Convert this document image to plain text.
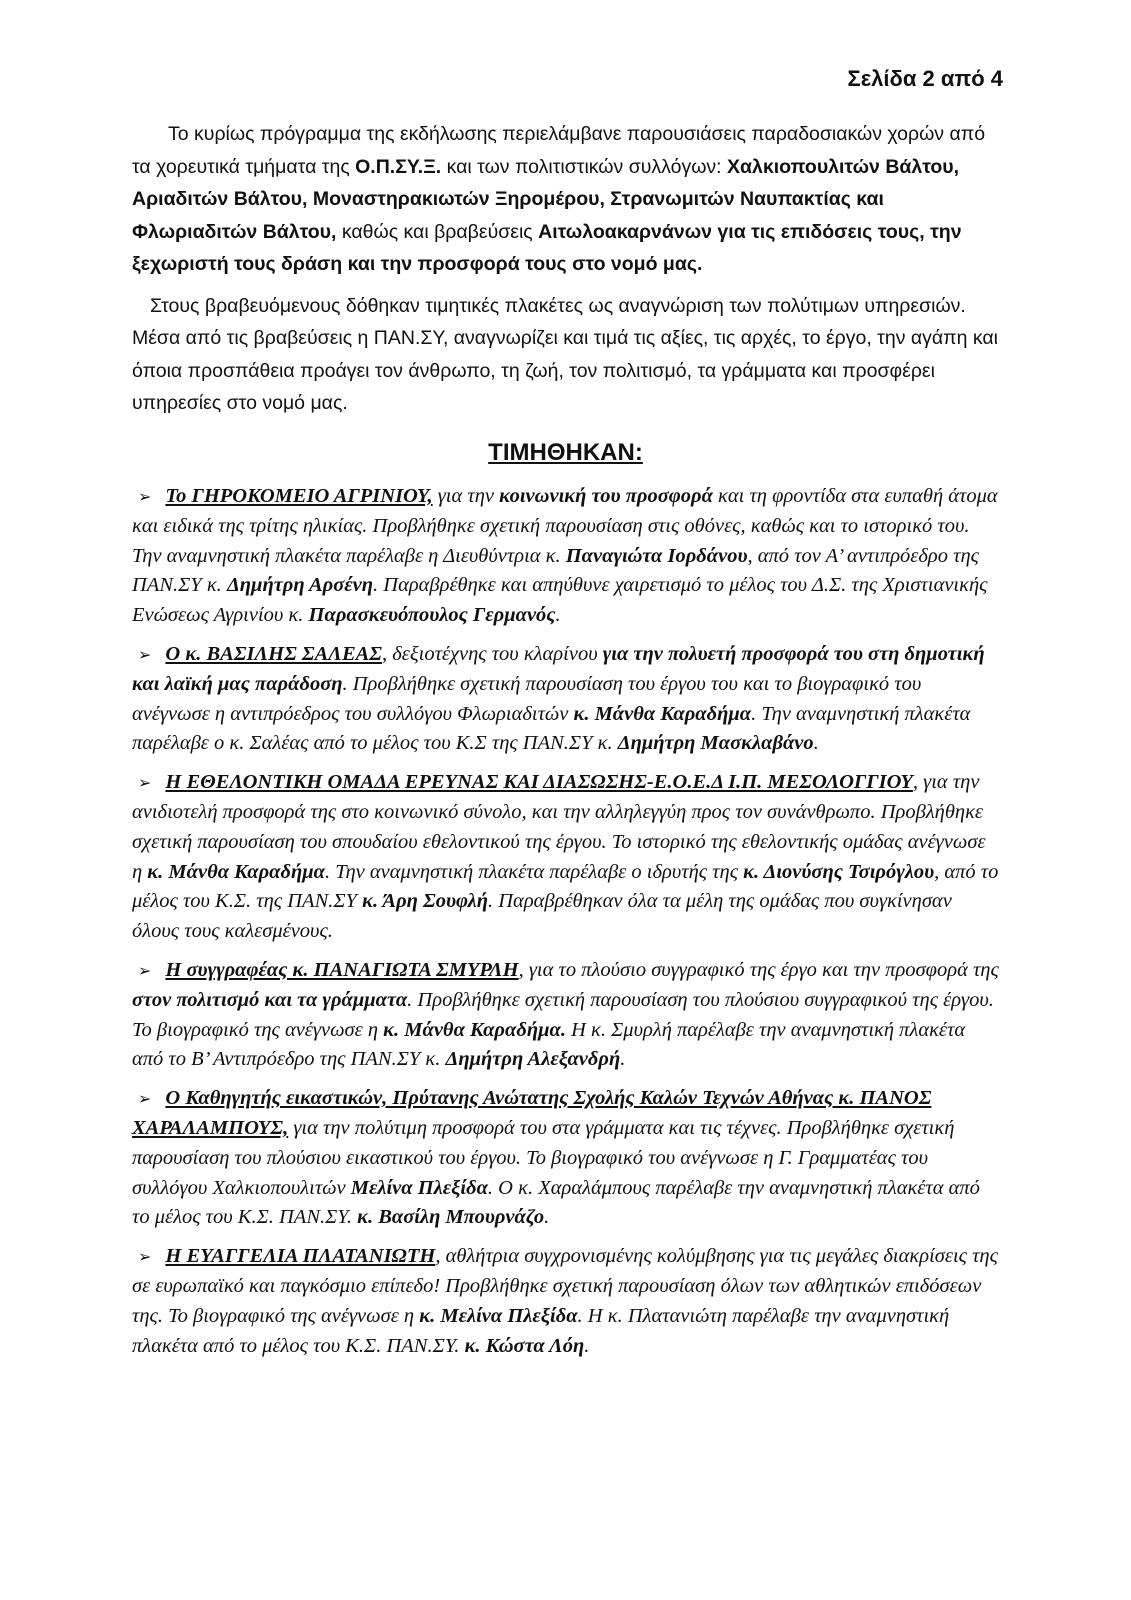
Σελίδα 2 από 4

Το κυρίως πρόγραμμα της εκδήλωσης περιελάμβανε παρουσιάσεις παραδοσιακών χορών από τα χορευτικά τμήματα της Ο.Π.ΣΥ.Ξ. και των πολιτιστικών συλλόγων: Χαλκιοπουλιτών Βάλτου, Αριαδιτών Βάλτου, Μοναστηρακιωτών Ξηρομέρου, Στρανωμιτών Ναυπακτίας και Φλωριαδιτών Βάλτου, καθώς και βραβεύσεις Αιτωλοακαρνάνων για τις επιδόσεις τους, την ξεχωριστή τους δράση και την προσφορά τους στο νομό μας.

Στους βραβευόμενους δόθηκαν τιμητικές πλακέτες ως αναγνώριση των πολύτιμων υπηρεσιών. Μέσα από τις βραβεύσεις η ΠΑΝ.ΣΥ, αναγνωρίζει και τιμά τις αξίες, τις αρχές, το έργο, την αγάπη και όποια προσπάθεια προάγει τον άνθρωπο, τη ζωή, τον πολιτισμό, τα γράμματα και προσφέρει υπηρεσίες στο νομό μας.

ΤΙΜΗΘΗΚΑΝ:

➢ Το ΓΗΡΟΚΟΜΕΙΟ ΑΓΡΙΝΙΟΥ, για την κοινωνική του προσφορά και τη φροντίδα στα ευπαθή άτομα και ειδικά της τρίτης ηλικίας. Προβλήθηκε σχετική παρουσίαση στις οθόνες, καθώς και το ιστορικό του. Την αναμνηστική πλακέτα παρέλαβε η Διευθύντρια κ. Παναγιώτα Ιορδάνου, από τον Α’ αντιπρόεδρο της ΠΑΝ.ΣΥ κ. Δημήτρη Αρσένη. Παραβρέθηκε και απηύθυνε χαιρετισμό το μέλος του Δ.Σ. της Χριστιανικής Ενώσεως Αγρινίου κ. Παρασκευόπουλος Γερμανός.

➢ Ο κ. ΒΑΣΙΛΗΣ ΣΑΛΕΑΣ, δεξιοτέχνης του κλαρίνου για την πολυετή προσφορά του στη δημοτική και λαϊκή μας παράδοση. Προβλήθηκε σχετική παρουσίαση του έργου του και το βιογραφικό του ανέγνωσε η αντιπρόεδρος του συλλόγου Φλωριαδιτών κ. Μάνθα Καραδήμα. Την αναμνηστική πλακέτα παρέλαβε ο κ. Σαλέας από το μέλος του Κ.Σ της ΠΑΝ.ΣΥ κ. Δημήτρη Μασκλαβάνο.

➢ Η ΕΘΕΛΟΝΤΙΚΗ ΟΜΑΔΑ ΕΡΕΥΝΑΣ ΚΑΙ ΔΙΑΣΩΣΗΣ-Ε.Ο.Ε.Δ Ι.Π. ΜΕΣΟΛΟΓΓΙΟΥ, για την ανιδιοτελή προσφορά της στο κοινωνικό σύνολο, και την αλληλεγγύη προς τον συνάνθρωπο. Προβλήθηκε σχετική παρουσίαση του σπουδαίου εθελοντικού της έργου. Το ιστορικό της εθελοντικής ομάδας ανέγνωσε η κ. Μάνθα Καραδήμα. Την αναμνηστική πλακέτα παρέλαβε ο ιδρυτής της κ. Διονύσης Τσιρόγλου, από το μέλος του Κ.Σ. της ΠΑΝ.ΣΥ κ. Άρη Σουφλή. Παραβρέθηκαν όλα τα μέλη της ομάδας που συγκίνησαν όλους τους καλεσμένους.

➢ Η συγγραφέας κ. ΠΑΝΑΓΙΩΤΑ ΣΜΥΡΛΗ, για το πλούσιο συγγραφικό της έργο και την προσφορά της στον πολιτισμό και τα γράμματα. Προβλήθηκε σχετική παρουσίαση του πλούσιου συγγραφικού της έργου. Το βιογραφικό της ανέγνωσε η κ. Μάνθα Καραδήμα. Η κ. Σμυρλή παρέλαβε την αναμνηστική πλακέτα από το Β’ Αντιπρόεδρο της ΠΑΝ.ΣΥ κ. Δημήτρη Αλεξανδρή.

➢ Ο Καθηγητής εικαστικών, Πρύτανης Ανώτατης Σχολής Καλών Τεχνών Αθήνας κ. ΠΑΝΟΣ ΧΑΡΑΛΑΜΠΟΥΣ, για την πολύτιμη προσφορά του στα γράμματα και τις τέχνες. Προβλήθηκε σχετική παρουσίαση του πλούσιου εικαστικού του έργου. Το βιογραφικό του ανέγνωσε η Γ. Γραμματέας του συλλόγου Χαλκιοπουλιτών Μελίνα Πλεξίδα. Ο κ. Χαραλάμπους παρέλαβε την αναμνηστική πλακέτα από το μέλος του Κ.Σ. ΠΑΝ.ΣΥ. κ. Βασίλη Μπουρνάζο.

➢ Η ΕΥΑΓΓΕΛΙΑ ΠΛΑΤΑΝΙΩΤΗ, αθλήτρια συγχρονισμένης κολύμβησης για τις μεγάλες διακρίσεις της σε ευρωπαϊκό και παγκόσμιο επίπεδο! Προβλήθηκε σχετική παρουσίαση όλων των αθλητικών επιδόσεων της. Το βιογραφικό της ανέγνωσε η κ. Μελίνα Πλεξίδα. Η κ. Πλατανιώτη παρέλαβε την αναμνηστική πλακέτα από το μέλος του Κ.Σ. ΠΑΝ.ΣΥ. κ. Κώστα Λόη.
